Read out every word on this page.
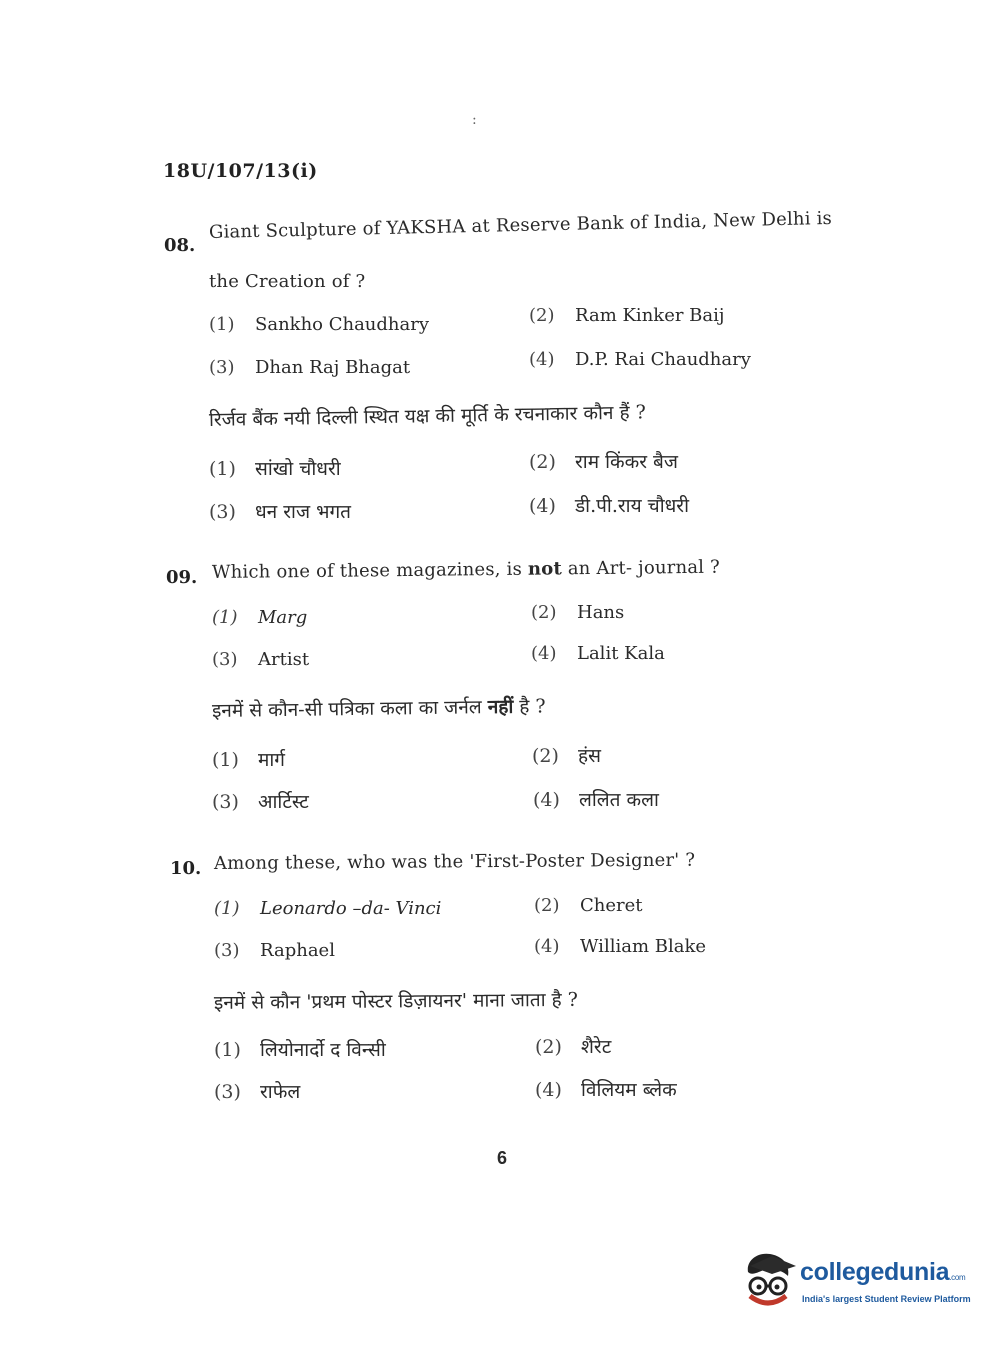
:
18U/107/13(i)
08.
Giant Sculpture of YAKSHA at Reserve Bank of India, New Delhi is
the Creation of ?
(1) Sankho Chaudhary	(2) Ram Kinker Baij
(3) Dhan Raj Bhagat	(4) D.P. Rai Chaudhary
रिर्जव बैंक नयी दिल्ली स्थित यक्ष की मूर्ति के रचनाकार कौन हैं ?
(1) सांखो चौधरी	(2) राम किंकर बैज
(3) धन राज भगत	(4) डी.पी.राय चौधरी
09. Which one of these magazines, is not an Art- journal ?
(1) Marg	(2) Hans
(3) Artist	(4) Lalit Kala
इनमें से कौन-सी पत्रिका कला का जर्नल नहीं है ?
(1) मार्ग	(2) हंस
(3) आर्टिस्ट	(4) ललित कला
10. Among these, who was the 'First-Poster Designer' ?
(1) Leonardo –da- Vinci	(2) Cheret
(3) Raphael	(4) William Blake
इनमें से कौन 'प्रथम पोस्टर डिज़ायनर' माना जाता है ?
(1) लियोनार्दो द विन्सी	(2) शैरेट
(3) राफेल	(4) विलियम ब्लेक
6
collegedunia.com
India's largest Student Review Platform
